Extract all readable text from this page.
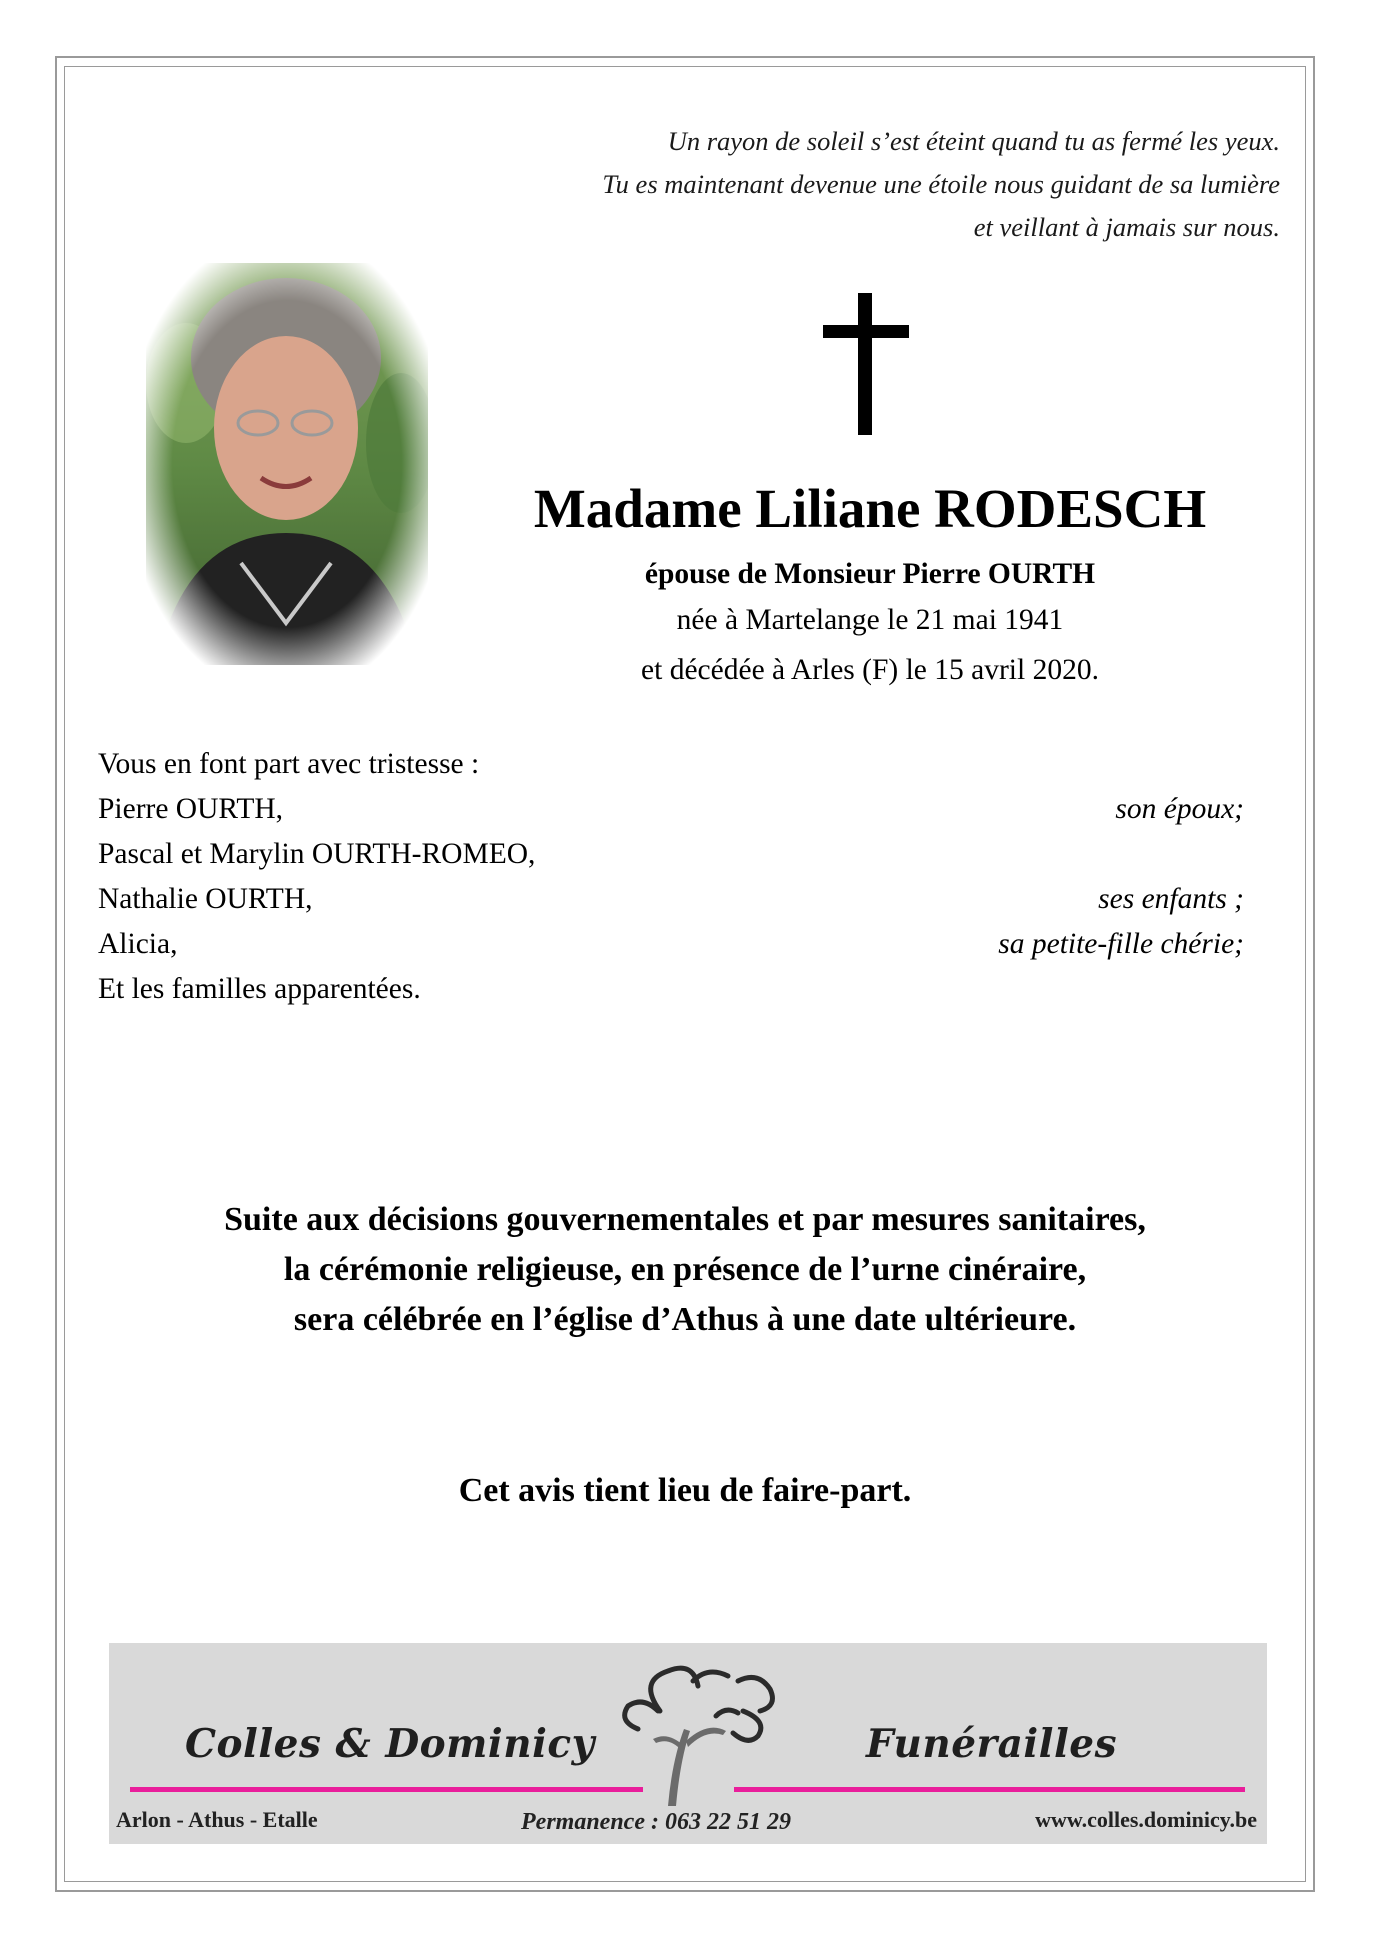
Un rayon de soleil s’est éteint quand tu as fermé les yeux.
Tu es maintenant devenue une étoile nous guidant de sa lumière
et veillant à jamais sur nous.
Madame Liliane RODESCH
épouse de Monsieur Pierre OURTH
née à Martelange le 21 mai 1941
et décédée à Arles (F) le 15 avril 2020.
Vous en font part avec tristesse :
Pierre OURTH,	son époux;
Pascal et Marylin OURTH-ROMEO,
Nathalie OURTH,	ses enfants ;
Alicia,	sa petite-fille chérie;
Et les familles apparentées.
Suite aux décisions gouvernementales et par mesures sanitaires,
la cérémonie religieuse, en présence de l’urne cinéraire,
sera célébrée en l’église d’Athus à une date ultérieure.
Cet avis tient lieu de faire-part.
Colles & Dominicy	Funérailles
Arlon - Athus - Etalle	Permanence : 063 22 51 29	www.colles.dominicy.be
